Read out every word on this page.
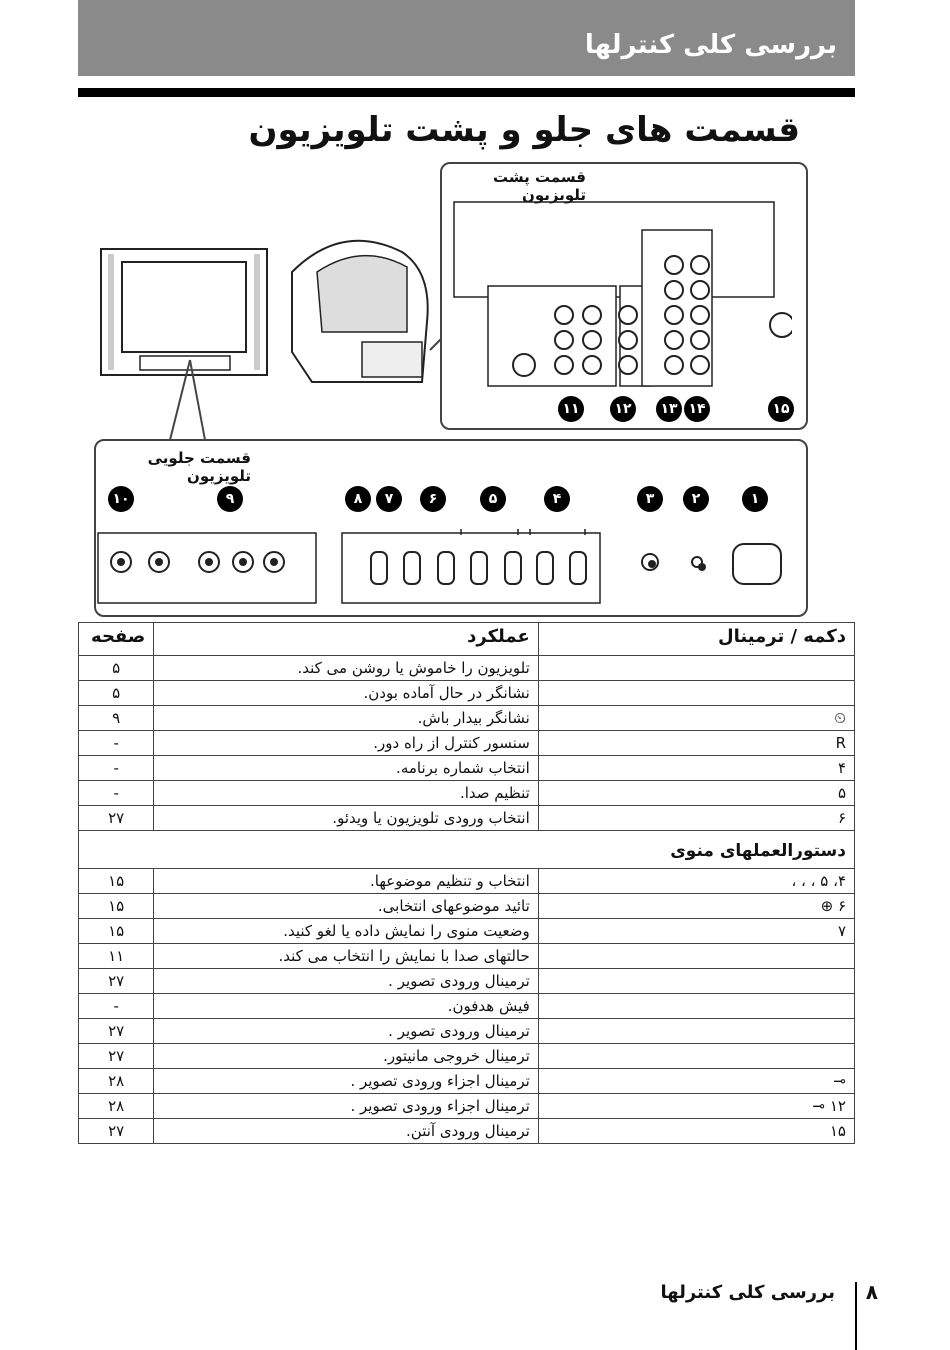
بررسی کلی کنترلها
قسمت های جلو و پشت تلویزیون
قسمت پشت تلویزیون
۱۱	۱۲	۱۳ ۱۴	۱۵
قسمت جلویی تلویزیون
۱۰	۹	۸	۷	۶	۵	۴	۳	۲	۱
دکمه / ترمینال	عملکرد	صفحه
	تلویزیون را خاموش یا روشن می کند.	۵
	نشانگر در حال آماده بودن.	۵
⏲	نشانگر بیدار باش.	۹
R	سنسور کنترل از راه دور.	-
۴	انتخاب شماره برنامه.	-
۵	تنظیم صدا.	-
۶	انتخاب ورودی تلویزیون یا ویدئو.	۲۷
دستورالعملهای منوی		
۴، ۵ ، ، ،	انتخاب و تنظیم موضوعها.	۱۵
۶ ⊕	تائید موضوعهای انتخابی.	۱۵
۷	وضعیت منوی را نمایش داده یا لغو کنید.	۱۵
	حالتهای صدا با نمایش را انتخاب می کند.	۱۱
	ترمینال ورودی تصویر .	۲۷
	فیش هدفون.	-
	ترمینال ورودی تصویر .	۲۷
	ترمینال خروجی مانیتور.	۲۷
⊸	ترمینال اجزاء ورودی تصویر .	۲۸
۱۲ ⊸	ترمینال اجزاء ورودی تصویر .	۲۸
۱۵	ترمینال ورودی آنتن.	۲۷
بررسی کلی کنترلها ۸
